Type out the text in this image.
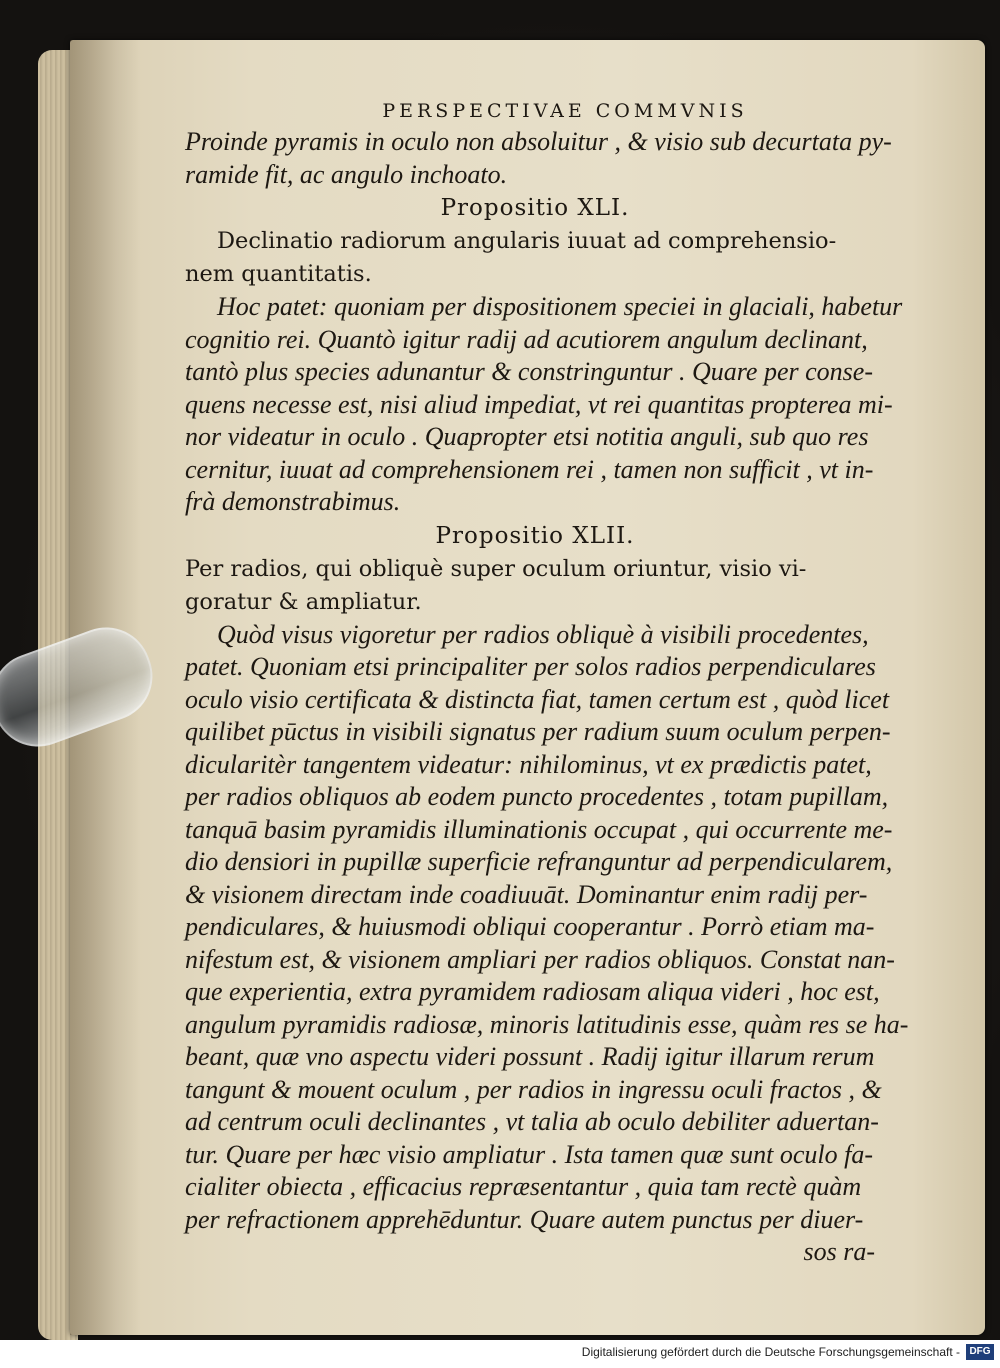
PERSPECTIVAE COMMVNIS

Proinde pyramis in oculo non absoluitur , & visio sub decurtata py-

ramide fit, ac angulo inchoato.

Propositio XLI.

Declinatio radiorum angularis iuuat ad comprehensio-

nem quantitatis.

Hoc patet: quoniam per dispositionem speciei in glaciali, habetur

cognitio rei. Quantò igitur radij ad acutiorem angulum declinant,

tantò plus species adunantur & constringuntur . Quare per conse-

quens necesse est, nisi aliud impediat, vt rei quantitas propterea mi-

nor videatur in oculo . Quapropter etsi notitia anguli, sub quo res

cernitur, iuuat ad comprehensionem rei , tamen non sufficit , vt in-

frà demonstrabimus.

Propositio XLII.

Per radios, qui obliquè super oculum oriuntur, visio vi-

goratur & ampliatur.

Quòd visus vigoretur per radios obliquè à visibili procedentes,

patet. Quoniam etsi principaliter per solos radios perpendiculares

oculo visio certificata & distincta fiat, tamen certum est , quòd licet

quilibet pūctus in visibili signatus per radium suum oculum perpen-

dicularitèr tangentem videatur: nihilominus, vt ex prædictis patet,

per radios obliquos ab eodem puncto procedentes , totam pupillam,

tanquā basim pyramidis illuminationis occupat , qui occurrente me-

dio densiori in pupillæ superficie refranguntur ad perpendicularem,

& visionem directam inde coadiuuāt. Dominantur enim radij per-

pendiculares, & huiusmodi obliqui cooperantur . Porrò etiam ma-

nifestum est, & visionem ampliari per radios obliquos. Constat nan-

que experientia, extra pyramidem radiosam aliqua videri , hoc est,

angulum pyramidis radiosæ, minoris latitudinis esse, quàm res se ha-

beant, quæ vno aspectu videri possunt . Radij igitur illarum rerum

tangunt & mouent oculum , per radios in ingressu oculi fractos , &

ad centrum oculi declinantes , vt talia ab oculo debiliter aduertan-

tur. Quare per hæc visio ampliatur . Ista tamen quæ sunt oculo fa-

cialiter obiecta , efficacius repræsentantur , quia tam rectè quàm

per refractionem apprehēduntur. Quare autem punctus per diuer-

sos ra-

Digitalisierung gefördert durch die Deutsche Forschungsgemeinschaft - DFG
